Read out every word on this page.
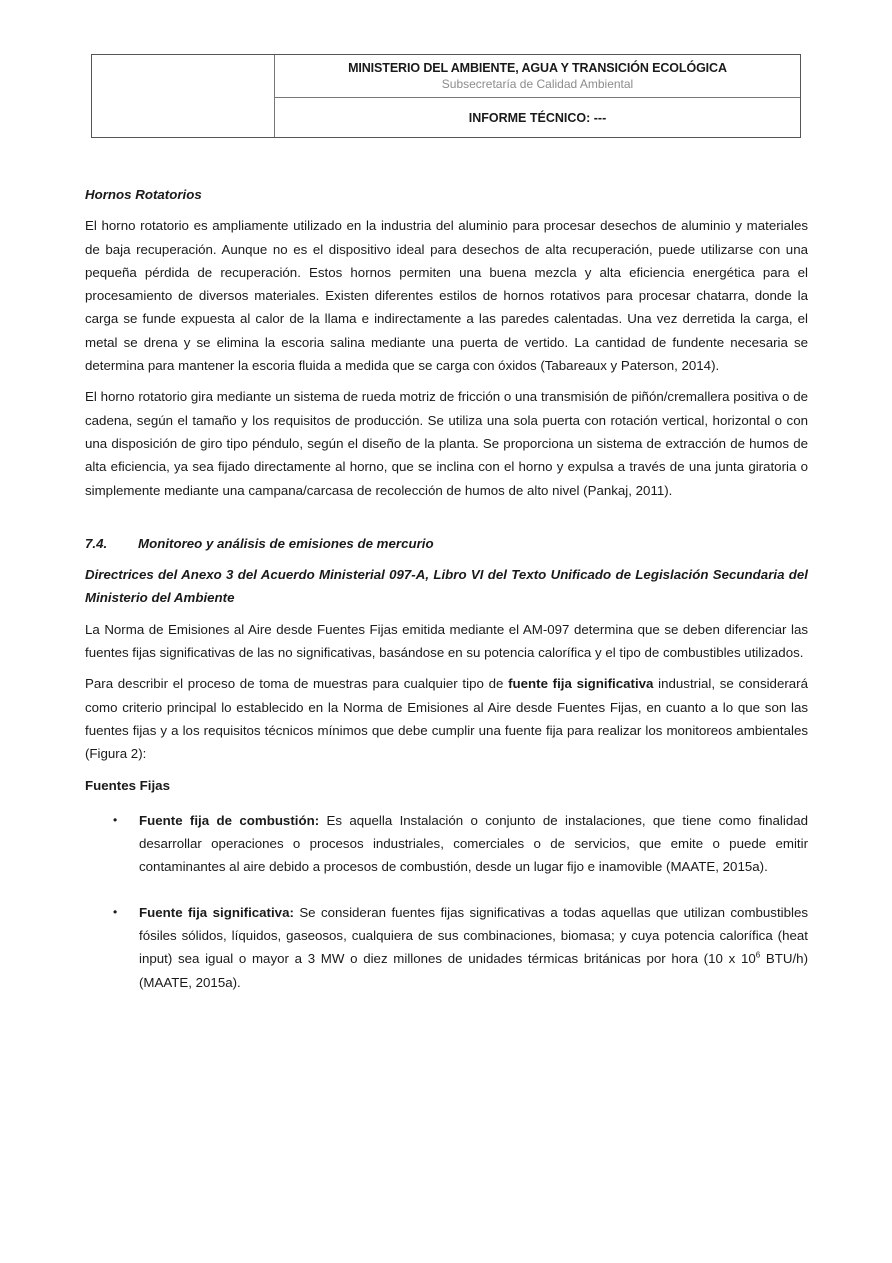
MINISTERIO DEL AMBIENTE, AGUA Y TRANSICIÓN ECOLÓGICA
Subsecretaría de Calidad Ambiental
INFORME TÉCNICO: ---

Hornos Rotatorios

El horno rotatorio es ampliamente utilizado en la industria del aluminio para procesar desechos de aluminio y materiales de baja recuperación. Aunque no es el dispositivo ideal para desechos de alta recuperación, puede utilizarse con una pequeña pérdida de recuperación. Estos hornos permiten una buena mezcla y alta eficiencia energética para el procesamiento de diversos materiales. Existen diferentes estilos de hornos rotativos para procesar chatarra, donde la carga se funde expuesta al calor de la llama e indirectamente a las paredes calentadas. Una vez derretida la carga, el metal se drena y se elimina la escoria salina mediante una puerta de vertido. La cantidad de fundente necesaria se determina para mantener la escoria fluida a medida que se carga con óxidos (Tabareaux y Paterson, 2014).

El horno rotatorio gira mediante un sistema de rueda motriz de fricción o una transmisión de piñón/cremallera positiva o de cadena, según el tamaño y los requisitos de producción. Se utiliza una sola puerta con rotación vertical, horizontal o con una disposición de giro tipo péndulo, según el diseño de la planta. Se proporciona un sistema de extracción de humos de alta eficiencia, ya sea fijado directamente al horno, que se inclina con el horno y expulsa a través de una junta giratoria o simplemente mediante una campana/carcasa de recolección de humos de alto nivel (Pankaj, 2011).

7.4.	Monitoreo y análisis de emisiones de mercurio

Directrices del Anexo 3 del Acuerdo Ministerial 097-A, Libro VI del Texto Unificado de Legislación Secundaria del Ministerio del Ambiente

La Norma de Emisiones al Aire desde Fuentes Fijas emitida mediante el AM-097 determina que se deben diferenciar las fuentes fijas significativas de las no significativas, basándose en su potencia calorífica y el tipo de combustibles utilizados.

Para describir el proceso de toma de muestras para cualquier tipo de fuente fija significativa industrial, se considerará como criterio principal lo establecido en la Norma de Emisiones al Aire desde Fuentes Fijas, en cuanto a lo que son las fuentes fijas y a los requisitos técnicos mínimos que debe cumplir una fuente fija para realizar los monitoreos ambientales (Figura 2):

Fuentes Fijas

•	Fuente fija de combustión: Es aquella Instalación o conjunto de instalaciones, que tiene como finalidad desarrollar operaciones o procesos industriales, comerciales o de servicios, que emite o puede emitir contaminantes al aire debido a procesos de combustión, desde un lugar fijo e inamovible (MAATE, 2015a).
•	Fuente fija significativa: Se consideran fuentes fijas significativas a todas aquellas que utilizan combustibles fósiles sólidos, líquidos, gaseosos, cualquiera de sus combinaciones, biomasa; y cuya potencia calorífica (heat input) sea igual o mayor a 3 MW o diez millones de unidades térmicas británicas por hora (10 x $10^6$ BTU/h) (MAATE, 2015a).
